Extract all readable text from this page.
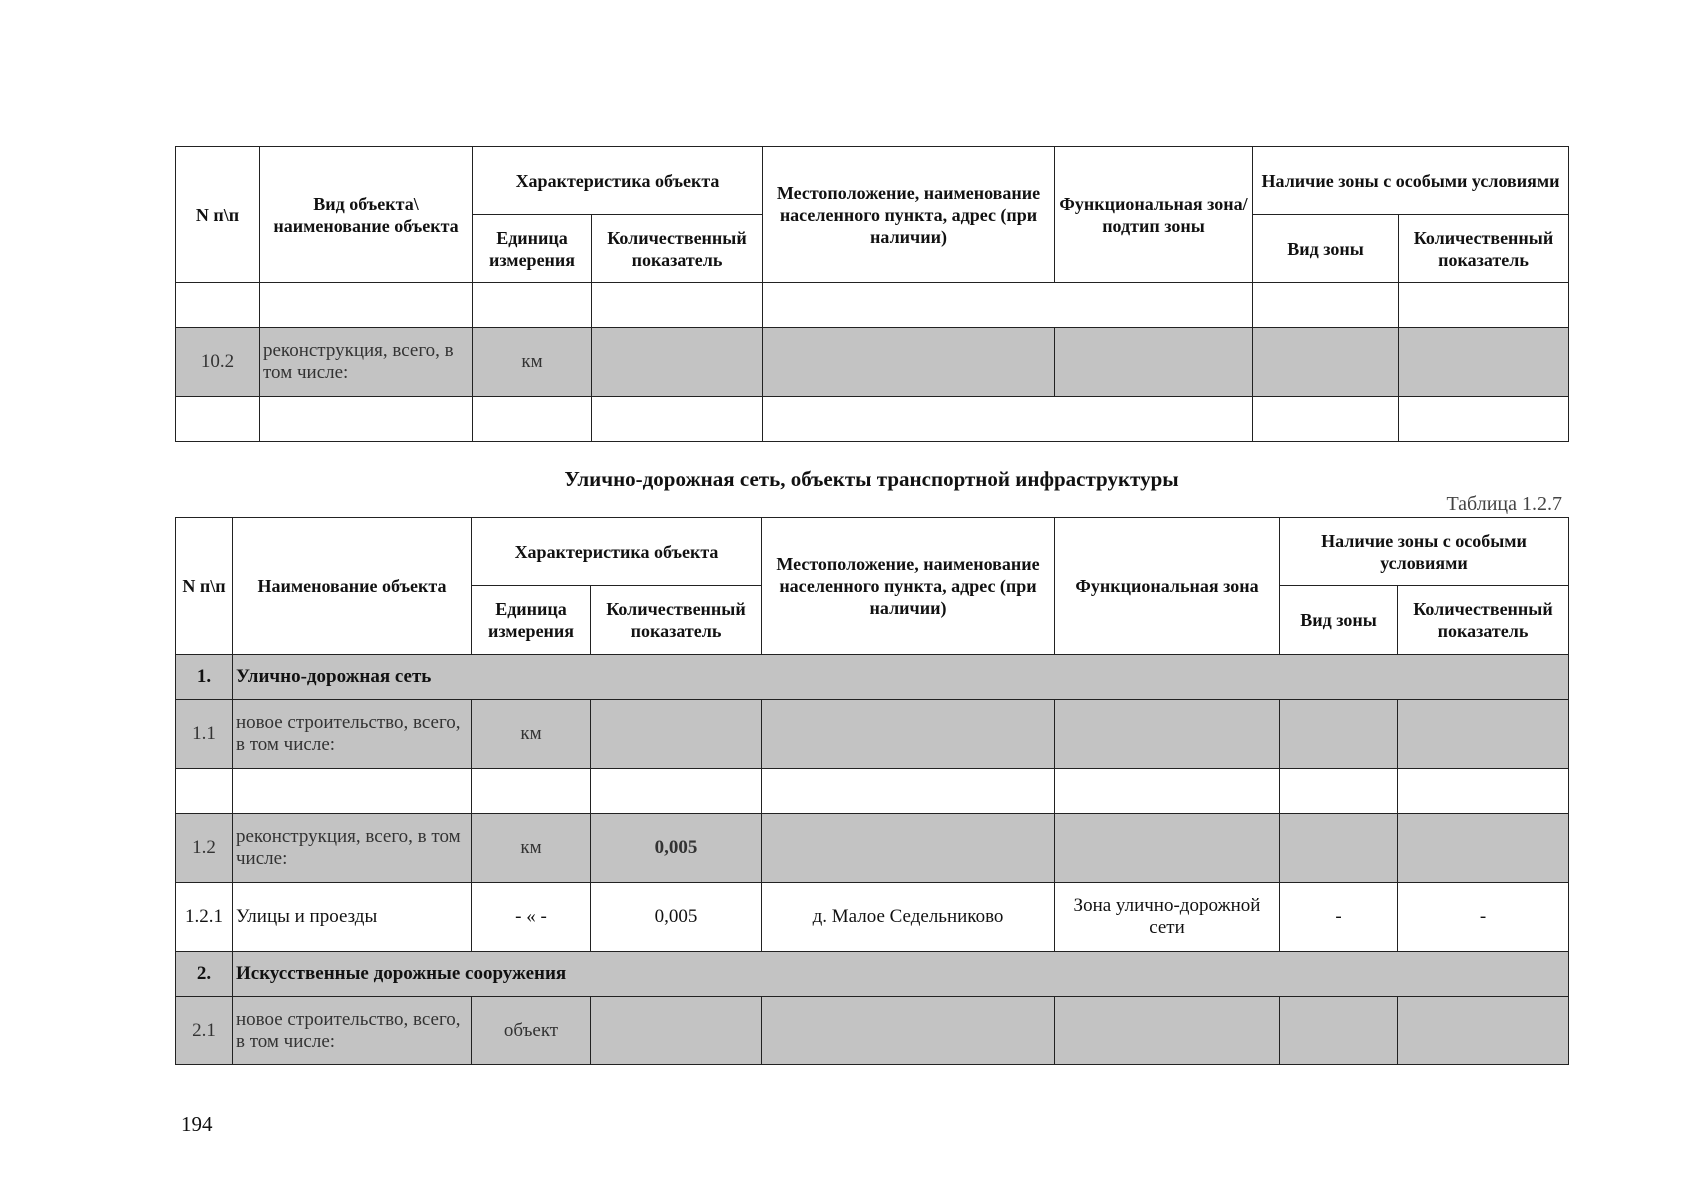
N п\п	Вид объекта\ наименование объекта	Характеристика объекта		Местоположение, наименование населенного пункта, адрес (при наличии)	Функциональная зона/ подтип зоны	Наличие зоны с особыми условиями	
		Единица измерения	Количественный показатель			Вид зоны	Количественный показатель

10.2	реконструкция, всего, в том числе:	км					

Улично-дорожная сеть, объекты транспортной инфраструктуры
Таблица 1.2.7
N п\п	Наименование объекта	Характеристика объекта		Местоположение, наименование населенного пункта, адрес (при наличии)	Функциональная зона	Наличие зоны с особыми условиями	
		Единица измерения	Количественный показатель			Вид зоны	Количественный показатель
1.	Улично-дорожная сеть						
1.1	новое строительство, всего, в том числе:	км					

1.2	реконструкция, всего, в том числе:	км	0,005				
1.2.1	Улицы и проезды	- « -	0,005	д. Малое Седельниково	Зона улично-дорожной сети	-	-
2.	Искусственные дорожные сооружения						
2.1	новое строительство, всего, в том числе:	объект					
194
